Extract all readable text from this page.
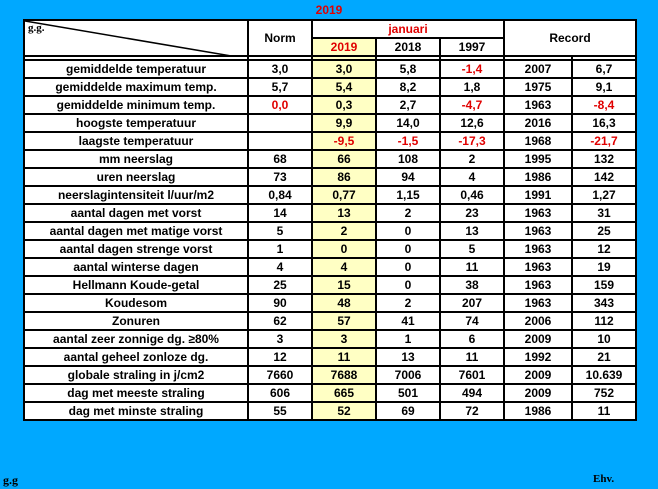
2019
g.g.	Norm	januari			Record	
		2019	2018	1997		

gemiddelde temperatuur	3,0	3,0	5,8	-1,4	2007	6,7
gemiddelde maximum temp.	5,7	5,4	8,2	1,8	1975	9,1
gemiddelde minimum temp.	0,0	0,3	2,7	-4,7	1963	-8,4
hoogste temperatuur		9,9	14,0	12,6	2016	16,3
laagste temperatuur		-9,5	-1,5	-17,3	1968	-21,7
mm neerslag	68	66	108	2	1995	132
uren neerslag	73	86	94	4	1986	142
neerslagintensiteit l/uur/m2	0,84	0,77	1,15	0,46	1991	1,27
aantal dagen met vorst	14	13	2	23	1963	31
aantal dagen met matige vorst	5	2	0	13	1963	25
aantal dagen strenge vorst	1	0	0	5	1963	12
aantal winterse dagen	4	4	0	11	1963	19
Hellmann Koude-getal	25	15	0	38	1963	159
Koudesom	90	48	2	207	1963	343
Zonuren	62	57	41	74	2006	112
aantal zeer zonnige dg. ≥80%	3	3	1	6	2009	10
aantal geheel zonloze dg.	12	11	13	11	1992	21
globale straling in j/cm2	7660	7688	7006	7601	2009	10.639
dag met meeste straling	606	665	501	494	2009	752
dag met minste straling	55	52	69	72	1986	11
g.g	Ehv.
